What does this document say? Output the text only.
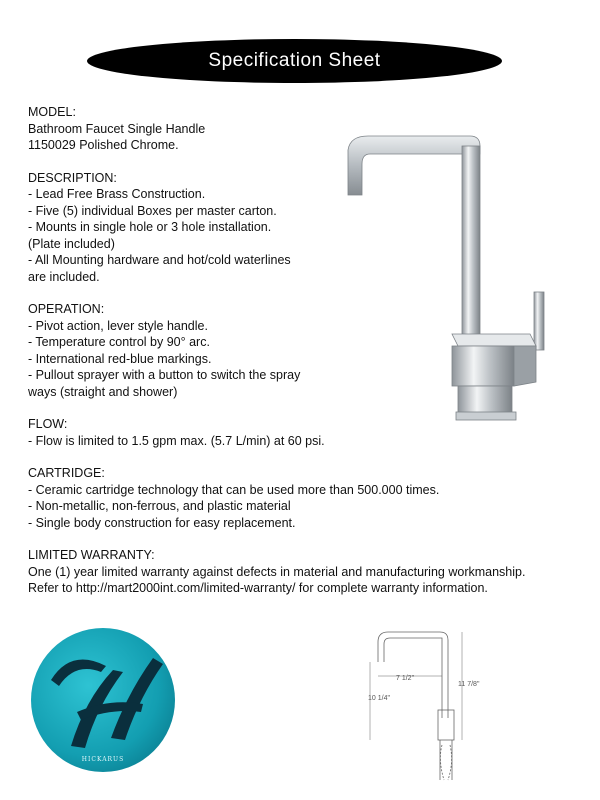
Specification Sheet
MODEL:
Bathroom Faucet Single Handle
1150029 Polished Chrome.
DESCRIPTION:
- Lead Free Brass Construction.
- Five (5) individual Boxes per master carton.
- Mounts in single hole or 3 hole installation.
(Plate included)
- All Mounting hardware and hot/cold waterlines
are included.
OPERATION:
- Pivot action, lever style handle.
- Temperature control by 90° arc.
- International red-blue markings.
- Pullout sprayer with a button to switch the spray
ways (straight and shower)
FLOW:
- Flow is limited to 1.5 gpm max. (5.7 L/min) at 60 psi.
CARTRIDGE:
- Ceramic cartridge technology that can be used more than 500.000 times.
- Non-metallic, non-ferrous, and plastic material
- Single body construction for easy replacement.
LIMITED WARRANTY:
One (1) year limited warranty against defects in material and manufacturing workmanship.
Refer to http://mart2000int.com/limited-warranty/ for complete warranty information.
HICKARUS
7 1/2"
11 7/8"
10 1/4"
